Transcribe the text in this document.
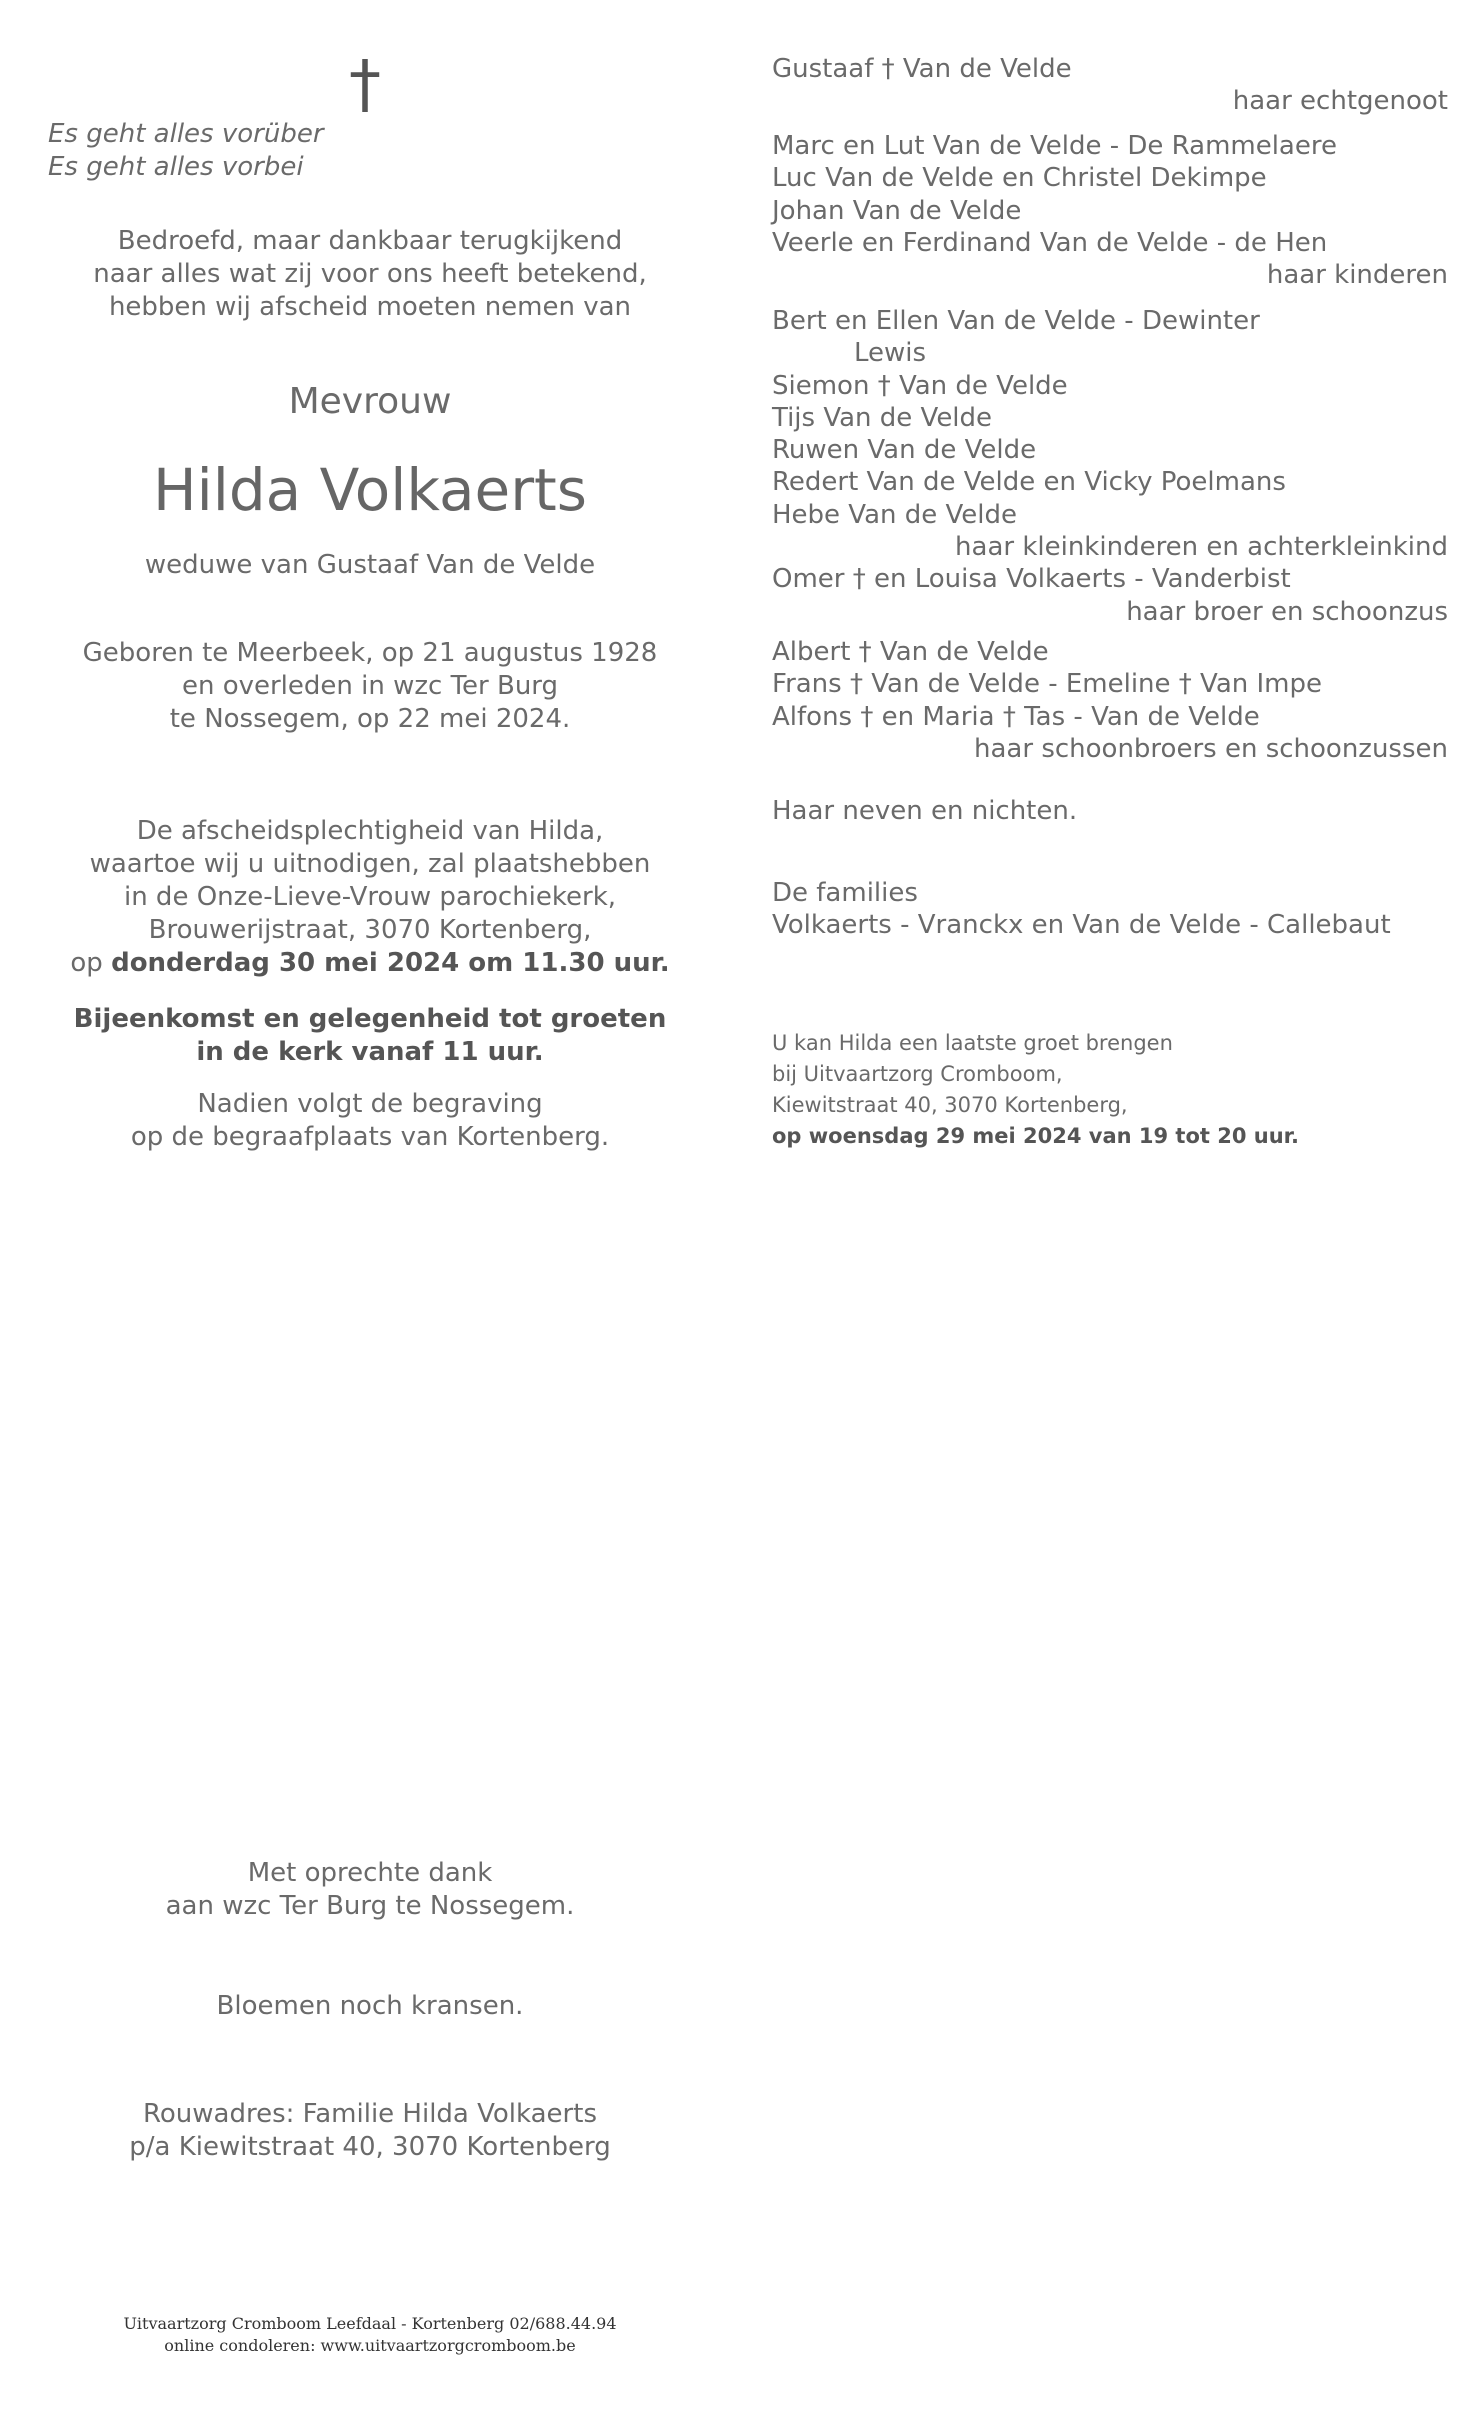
†
Es geht alles vorüber
Es geht alles vorbei
Bedroefd, maar dankbaar terugkijkend
naar alles wat zij voor ons heeft betekend,
hebben wij afscheid moeten nemen van
Mevrouw
Hilda Volkaerts
weduwe van Gustaaf Van de Velde
Geboren te Meerbeek, op 21 augustus 1928
en overleden in wzc Ter Burg
te Nossegem, op 22 mei 2024.
De afscheidsplechtigheid van Hilda,
waartoe wij u uitnodigen, zal plaatshebben
in de Onze-Lieve-Vrouw parochiekerk,
Brouwerijstraat, 3070 Kortenberg,
op donderdag 30 mei 2024 om 11.30 uur.
Bijeenkomst en gelegenheid tot groeten
in de kerk vanaf 11 uur.
Nadien volgt de begraving
op de begraafplaats van Kortenberg.
Met oprechte dank
aan wzc Ter Burg te Nossegem.
Bloemen noch kransen.
Rouwadres: Familie Hilda Volkaerts
p/a Kiewitstraat 40, 3070 Kortenberg
Uitvaartzorg Cromboom Leefdaal - Kortenberg 02/688.44.94
online condoleren: www.uitvaartzorgcromboom.be
Gustaaf † Van de Velde
haar echtgenoot
Marc en Lut Van de Velde - De Rammelaere
Luc Van de Velde en Christel Dekimpe
Johan Van de Velde
Veerle en Ferdinand Van de Velde - de Hen
haar kinderen
Bert en Ellen Van de Velde - Dewinter
Lewis
Siemon † Van de Velde
Tijs Van de Velde
Ruwen Van de Velde
Redert Van de Velde en Vicky Poelmans
Hebe Van de Velde
haar kleinkinderen en achterkleinkind
Omer † en Louisa Volkaerts - Vanderbist
haar broer en schoonzus
Albert † Van de Velde
Frans † Van de Velde - Emeline † Van Impe
Alfons † en Maria † Tas - Van de Velde
haar schoonbroers en schoonzussen
Haar neven en nichten.
De families
Volkaerts - Vranckx en Van de Velde - Callebaut
U kan Hilda een laatste groet brengen
bij Uitvaartzorg Cromboom,
Kiewitstraat 40, 3070 Kortenberg,
op woensdag 29 mei 2024 van 19 tot 20 uur.
